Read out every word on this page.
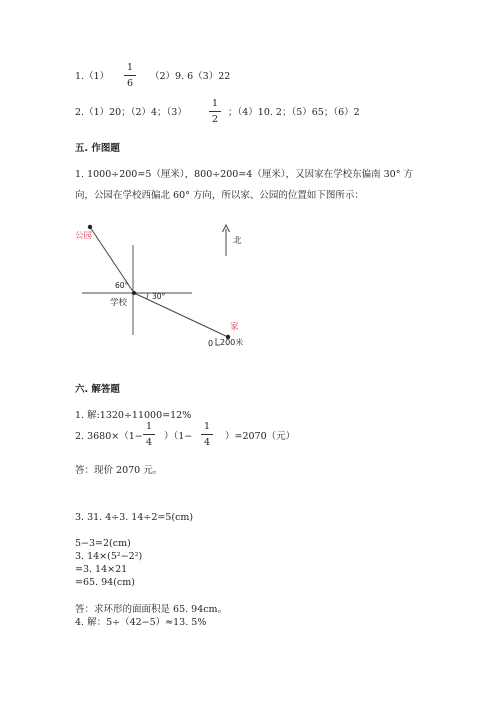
$1.(1) \frac{1}{6} (2)9$. 6（3）22
2.（1）20；（2）4；$(3) \frac{1}{2}$ ；（4）10. 2；（5）65；（6）2
五. 作图题
1. 1000÷200=5（厘米），800÷200=4（厘米），又因家在学校东偏南 30° 方
向，公园在学校西偏北 60° 方向，所以家、公园的位置如下图所示：
公园
60°
30°
学校
北
家
0 200米
六. 解答题
1. 解:1320÷11000=12%
2. $3680\times(1- \frac{1}{4} )(1- \frac{1}{4} )=2070$（元）
答：现价 2070 元。
3. 31. 4÷3. 14÷2=5(cm)
5−3=2(cm)
3. 14×(5²−2²)
=3. 14×21
=65. 94(cm)
答：求环形的面面积是 65. 94cm。
4. 解：5÷（42−5）≈13. 5%
